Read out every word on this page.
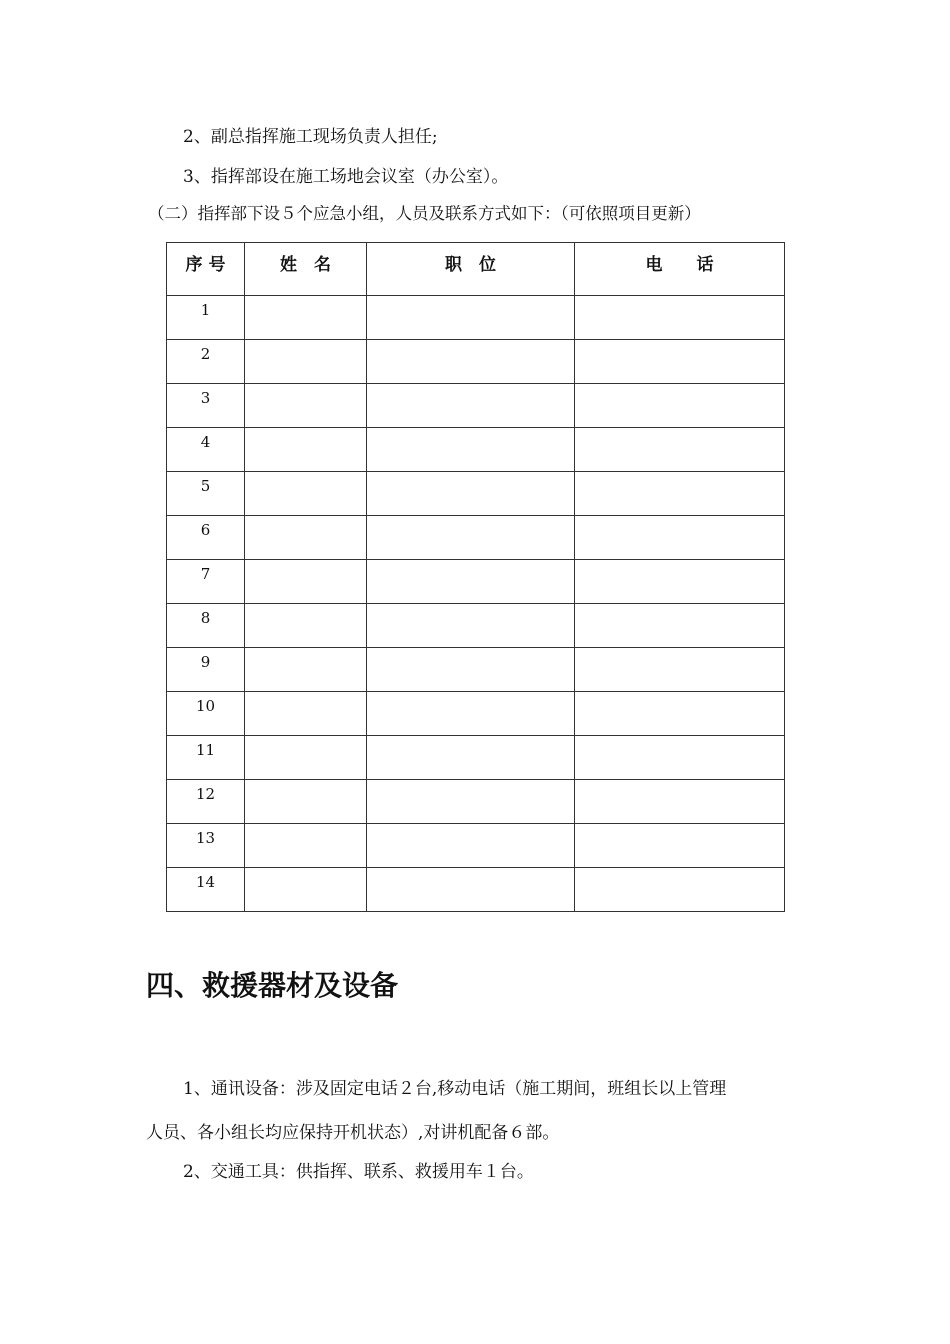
2、副总指挥施工现场负责人担任;
3、指挥部设在施工场地会议室（办公室）。
（二）指挥部下设５个应急小组，人员及联系方式如下：（可依照项目更新）
序 号	姓　名	职　位	电　　话
1			
2			
3			
4			
5			
6			
7			
8			
9			
10			
11			
12			
13			
14			
四、救援器材及设备
1、通讯设备：涉及固定电话２台,移动电话（施工期间，班组长以上管理
人员、各小组长均应保持开机状态）,对讲机配备６部。
2、交通工具：供指挥、联系、救援用车１台。
